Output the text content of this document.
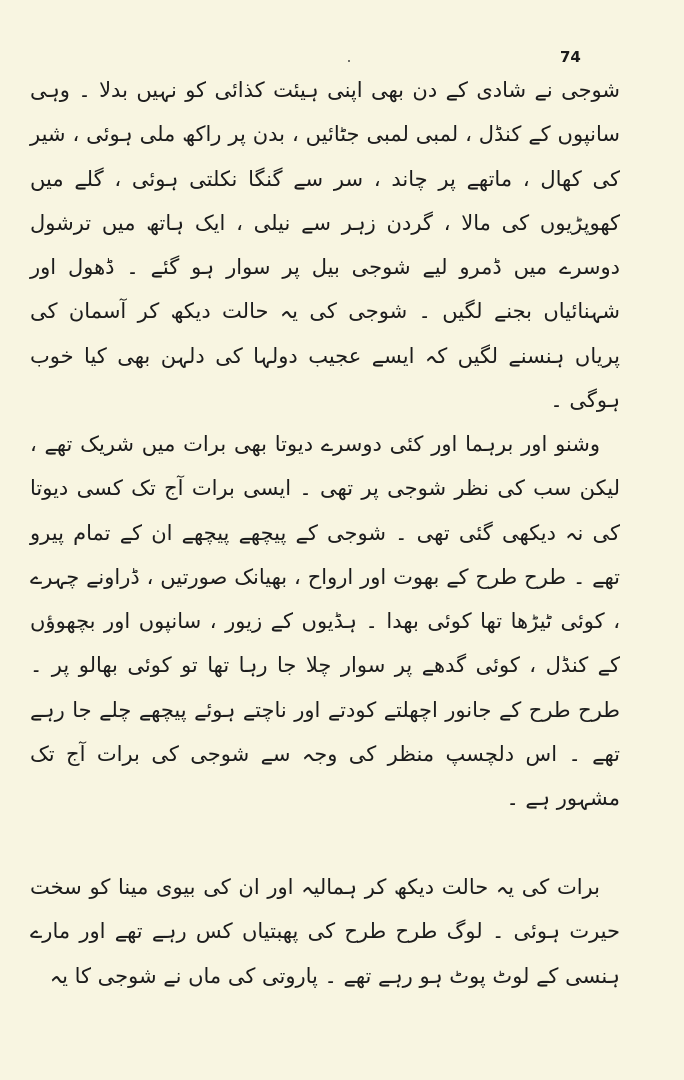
74

شوجی نے شادی کے دن بھی اپنی ہیئت کذائی کو نہیں بدلا ۔ وہی سانپوں کے کنڈل ، لمبی لمبی جٹائیں ، بدن پر راکھ ملی ہوئی ، شیر کی کھال ، ماتھے پر چاند ، سر سے گنگا نکلتی ہوئی ، گلے میں کھوپڑیوں کی مالا ، گردن زہر سے نیلی ، ایک ہاتھ میں ترشول دوسرے میں ڈمرو لیے شوجی بیل پر سوار ہو گئے ۔ ڈھول اور شہنائیاں بجنے لگیں ۔ شوجی کی یہ حالت دیکھ کر آسمان کی پریاں ہنسنے لگیں کہ ایسے عجیب دولہا کی دلہن بھی کیا خوب ہوگی ۔

وشنو اور برہما اور کئی دوسرے دیوتا بھی برات میں شریک تھے ، لیکن سب کی نظر شوجی پر تھی ۔ ایسی برات آج تک کسی دیوتا کی نہ دیکھی گئی تھی ۔ شوجی کے پیچھے پیچھے ان کے تمام پیرو تھے ۔ طرح طرح کے بھوت اور ارواح ، بھیانک صورتیں ، ڈراونے چہرے ، کوئی ٹیڑھا تھا کوئی بھدا ۔ ہڈیوں کے زیور ، سانپوں اور بچھوؤں کے کنڈل ، کوئی گدھے پر سوار چلا جا رہا تھا تو کوئی بھالو پر ۔ طرح طرح کے جانور اچھلتے کودتے اور ناچتے ہوئے پیچھے چلے جا رہے تھے ۔ اس دلچسپ منظر کی وجہ سے شوجی کی برات آج تک مشہور ہے ۔

برات کی یہ حالت دیکھ کر ہمالیہ اور ان کی بیوی مینا کو سخت حیرت ہوئی ۔ لوگ طرح طرح کی پھبتیاں کس رہے تھے اور مارے ہنسی کے لوٹ پوٹ ہو رہے تھے ۔ پاروتی کی ماں نے شوجی کا یہ
